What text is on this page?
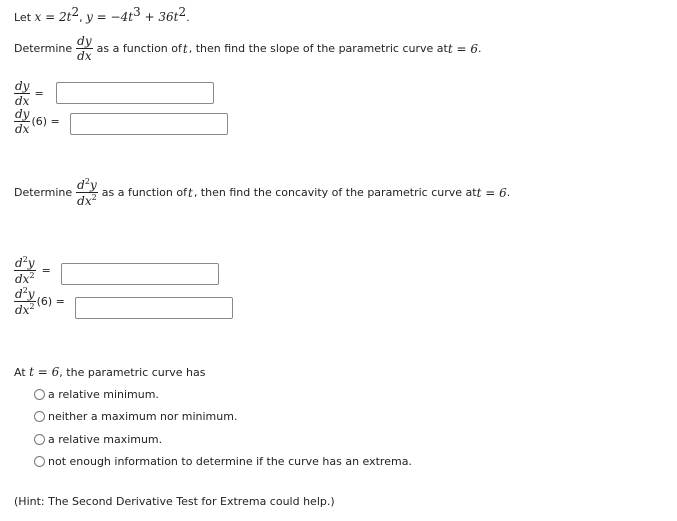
Let $x = 2t^2$, $y = -4t^3 + 36t^2$.
Determine $\frac{dy}{dx}$ as a function of t , then find the slope of the parametric curve at t = 6 .
$\frac{dy}{dx}$ =
$\frac{dy}{dx} (6)$ =
Determine $\frac{d^2y}{dx^2}$ as a function of t , then find the concavity of the parametric curve at t = 6 .
$\frac{d^2y}{dx^2}$ =
$\frac{d^2y}{dx^2} (6)$ =
At t = 6, the parametric curve has
a relative minimum.
neither a maximum nor minimum.
a relative maximum.
not enough information to determine if the curve has an extrema.
(Hint: The Second Derivative Test for Extrema could help.)
